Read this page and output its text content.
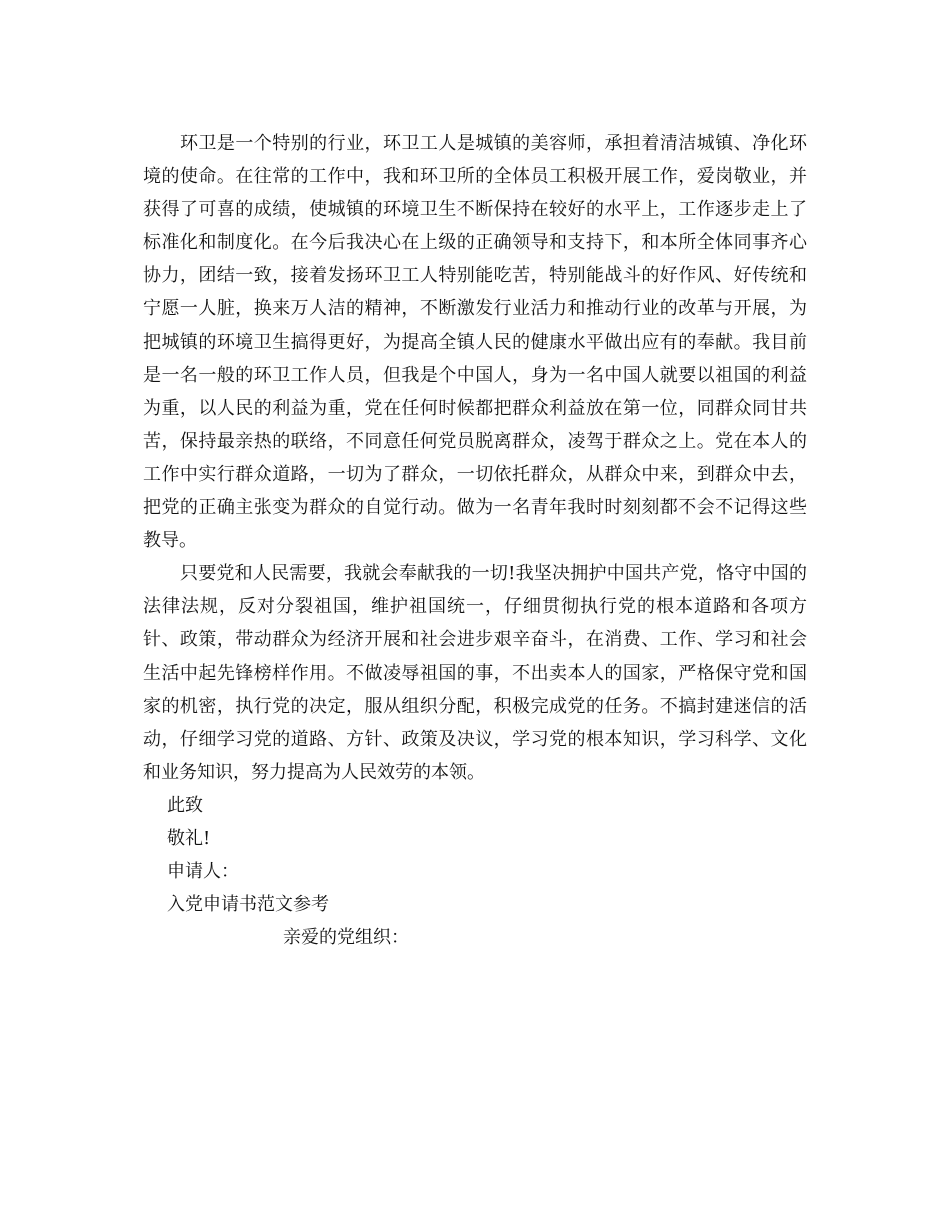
环卫是一个特别的行业，环卫工人是城镇的美容师，承担着清洁城镇、净化环境的使命。在往常的工作中，我和环卫所的全体员工积极开展工作，爱岗敬业，并获得了可喜的成绩，使城镇的环境卫生不断保持在较好的水平上，工作逐步走上了标准化和制度化。在今后我决心在上级的正确领导和支持下，和本所全体同事齐心协力，团结一致，接着发扬环卫工人特别能吃苦，特别能战斗的好作风、好传统和宁愿一人脏，换来万人洁的精神，不断激发行业活力和推动行业的改革与开展，为把城镇的环境卫生搞得更好，为提高全镇人民的健康水平做出应有的奉献。我目前是一名一般的环卫工作人员，但我是个中国人，身为一名中国人就要以祖国的利益为重，以人民的利益为重，党在任何时候都把群众利益放在第一位，同群众同甘共苦，保持最亲热的联络，不同意任何党员脱离群众，凌驾于群众之上。党在本人的工作中实行群众道路，一切为了群众，一切依托群众，从群众中来，到群众中去，把党的正确主张变为群众的自觉行动。做为一名青年我时时刻刻都不会不记得这些教导。

只要党和人民需要，我就会奉献我的一切!我坚决拥护中国共产党，恪守中国的法律法规，反对分裂祖国，维护祖国统一，仔细贯彻执行党的根本道路和各项方针、政策，带动群众为经济开展和社会进步艰辛奋斗，在消费、工作、学习和社会生活中起先锋榜样作用。不做凌辱祖国的事，不出卖本人的国家，严格保守党和国家的机密，执行党的决定，服从组织分配，积极完成党的任务。不搞封建迷信的活动，仔细学习党的道路、方针、政策及决议，学习党的根本知识，学习科学、文化和业务知识，努力提高为人民效劳的本领。

此致

敬礼!

申请人：

入党申请书范文参考

亲爱的党组织：
